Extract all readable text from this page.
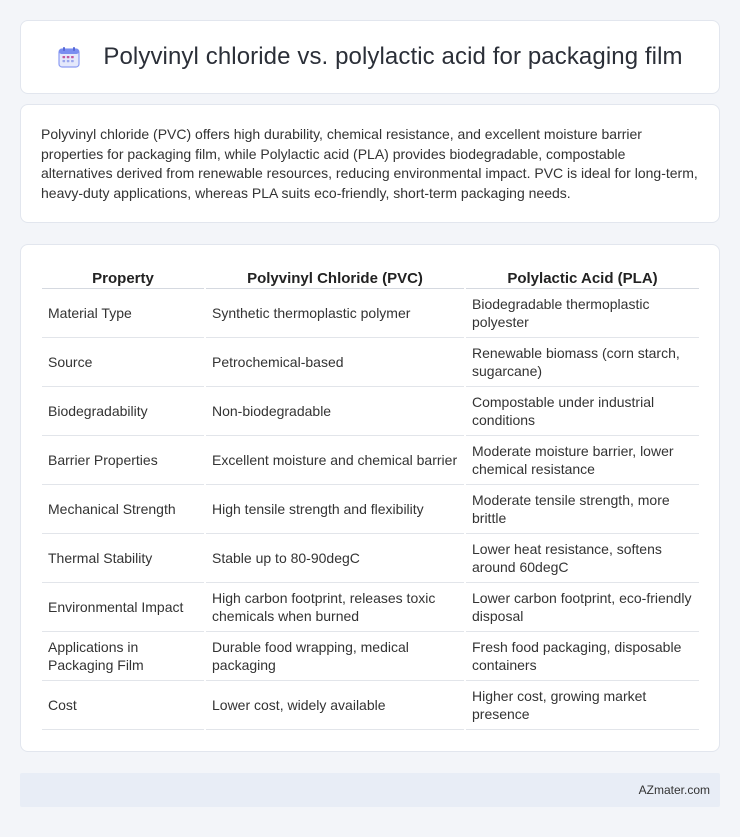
Polyvinyl chloride vs. polylactic acid for packaging film

Polyvinyl chloride (PVC) offers high durability, chemical resistance, and excellent moisture barrier properties for packaging film, while Polylactic acid (PLA) provides biodegradable, compostable alternatives derived from renewable resources, reducing environmental impact. PVC is ideal for long-term, heavy-duty applications, whereas PLA suits eco-friendly, short-term packaging needs.

Property	Polyvinyl Chloride (PVC)	Polylactic Acid (PLA)
Material Type	Synthetic thermoplastic polymer	Biodegradable thermoplastic polyester
Source	Petrochemical-based	Renewable biomass (corn starch, sugarcane)
Biodegradability	Non-biodegradable	Compostable under industrial conditions
Barrier Properties	Excellent moisture and chemical barrier	Moderate moisture barrier, lower chemical resistance
Mechanical Strength	High tensile strength and flexibility	Moderate tensile strength, more brittle
Thermal Stability	Stable up to 80-90degC	Lower heat resistance, softens around 60degC
Environmental Impact	High carbon footprint, releases toxic chemicals when burned	Lower carbon footprint, eco-friendly disposal
Applications in Packaging Film	Durable food wrapping, medical packaging	Fresh food packaging, disposable containers
Cost	Lower cost, widely available	Higher cost, growing market presence
AZmater.com
